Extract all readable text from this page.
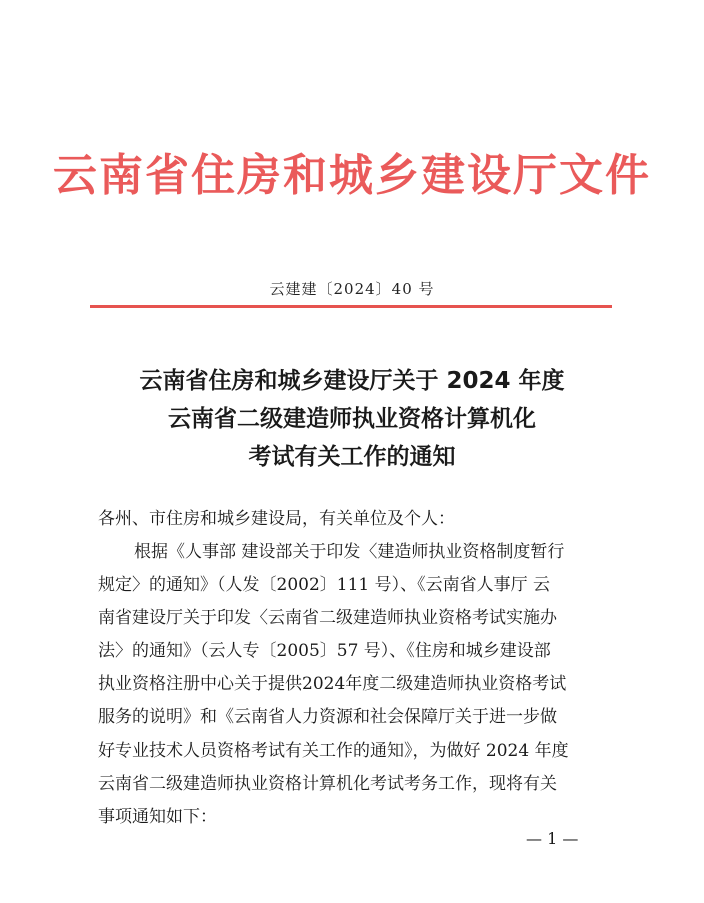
云南省住房和城乡建设厅文件
云建建〔2024〕40 号
云南省住房和城乡建设厅关于 2024 年度
云南省二级建造师执业资格计算机化
考试有关工作的通知
各州、市住房和城乡建设局，有关单位及个人：
根据《人事部 建设部关于印发〈建造师执业资格制度暂行
规定〉的通知》（人发〔2002〕111 号）、《云南省人事厅 云
南省建设厅关于印发〈云南省二级建造师执业资格考试实施办
法〉的通知》（云人专〔2005〕57 号）、《住房和城乡建设部
执业资格注册中心关于提供2024年度二级建造师执业资格考试
服务的说明》和《云南省人力资源和社会保障厅关于进一步做
好专业技术人员资格考试有关工作的通知》，为做好 2024 年度
云南省二级建造师执业资格计算机化考试考务工作，现将有关
事项通知如下：
— 1 —
